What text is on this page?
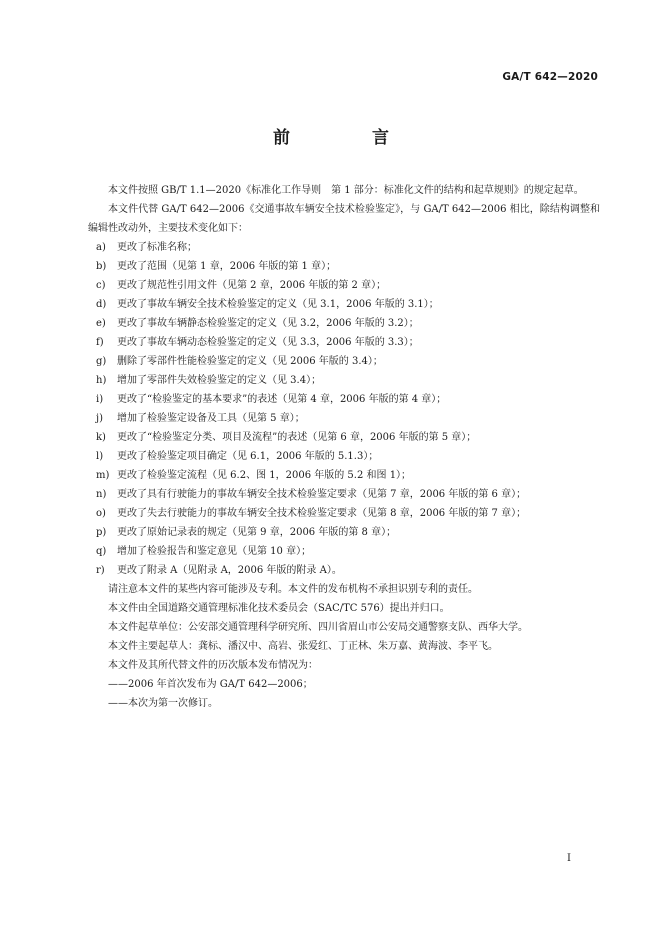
GA/T 642—2020
前 言

本文件按照 GB/T 1.1—2020《标准化工作导则　第 1 部分：标准化文件的结构和起草规则》的规定起草。

本文件代替 GA/T 642—2006《交通事故车辆安全技术检验鉴定》，与 GA/T 642—2006 相比，除结构调整和编辑性改动外，主要技术变化如下：

a) 更改了标准名称；

b) 更改了范围（见第 1 章，2006 年版的第 1 章）；

c) 更改了规范性引用文件（见第 2 章，2006 年版的第 2 章）；

d) 更改了事故车辆安全技术检验鉴定的定义（见 3.1，2006 年版的 3.1）；

e) 更改了事故车辆静态检验鉴定的定义（见 3.2，2006 年版的 3.2）；

f) 更改了事故车辆动态检验鉴定的定义（见 3.3，2006 年版的 3.3）；

g) 删除了零部件性能检验鉴定的定义（见 2006 年版的 3.4）；

h) 增加了零部件失效检验鉴定的定义（见 3.4）；

i) 更改了“检验鉴定的基本要求”的表述（见第 4 章，2006 年版的第 4 章）；

j) 增加了检验鉴定设备及工具（见第 5 章）；

k) 更改了“检验鉴定分类、项目及流程”的表述（见第 6 章，2006 年版的第 5 章）；

l) 更改了检验鉴定项目确定（见 6.1，2006 年版的 5.1.3）；

m) 更改了检验鉴定流程（见 6.2、图 1，2006 年版的 5.2 和图 1）；

n) 更改了具有行驶能力的事故车辆安全技术检验鉴定要求（见第 7 章，2006 年版的第 6 章）；

o) 更改了失去行驶能力的事故车辆安全技术检验鉴定要求（见第 8 章，2006 年版的第 7 章）；

p) 更改了原始记录表的规定（见第 9 章，2006 年版的第 8 章）；

q) 增加了检验报告和鉴定意见（见第 10 章）；

r) 更改了附录 A（见附录 A，2006 年版的附录 A）。

请注意本文件的某些内容可能涉及专利。本文件的发布机构不承担识别专利的责任。

本文件由全国道路交通管理标准化技术委员会（SAC/TC 576）提出并归口。

本文件起草单位：公安部交通管理科学研究所、四川省眉山市公安局交通警察支队、西华大学。

本文件主要起草人：龚标、潘汉中、高岩、张爱红、丁正林、朱万嘉、黄海波、李平飞。

本文件及其所代替文件的历次版本发布情况为：

——2006 年首次发布为 GA/T 642—2006；

——本次为第一次修订。

I
